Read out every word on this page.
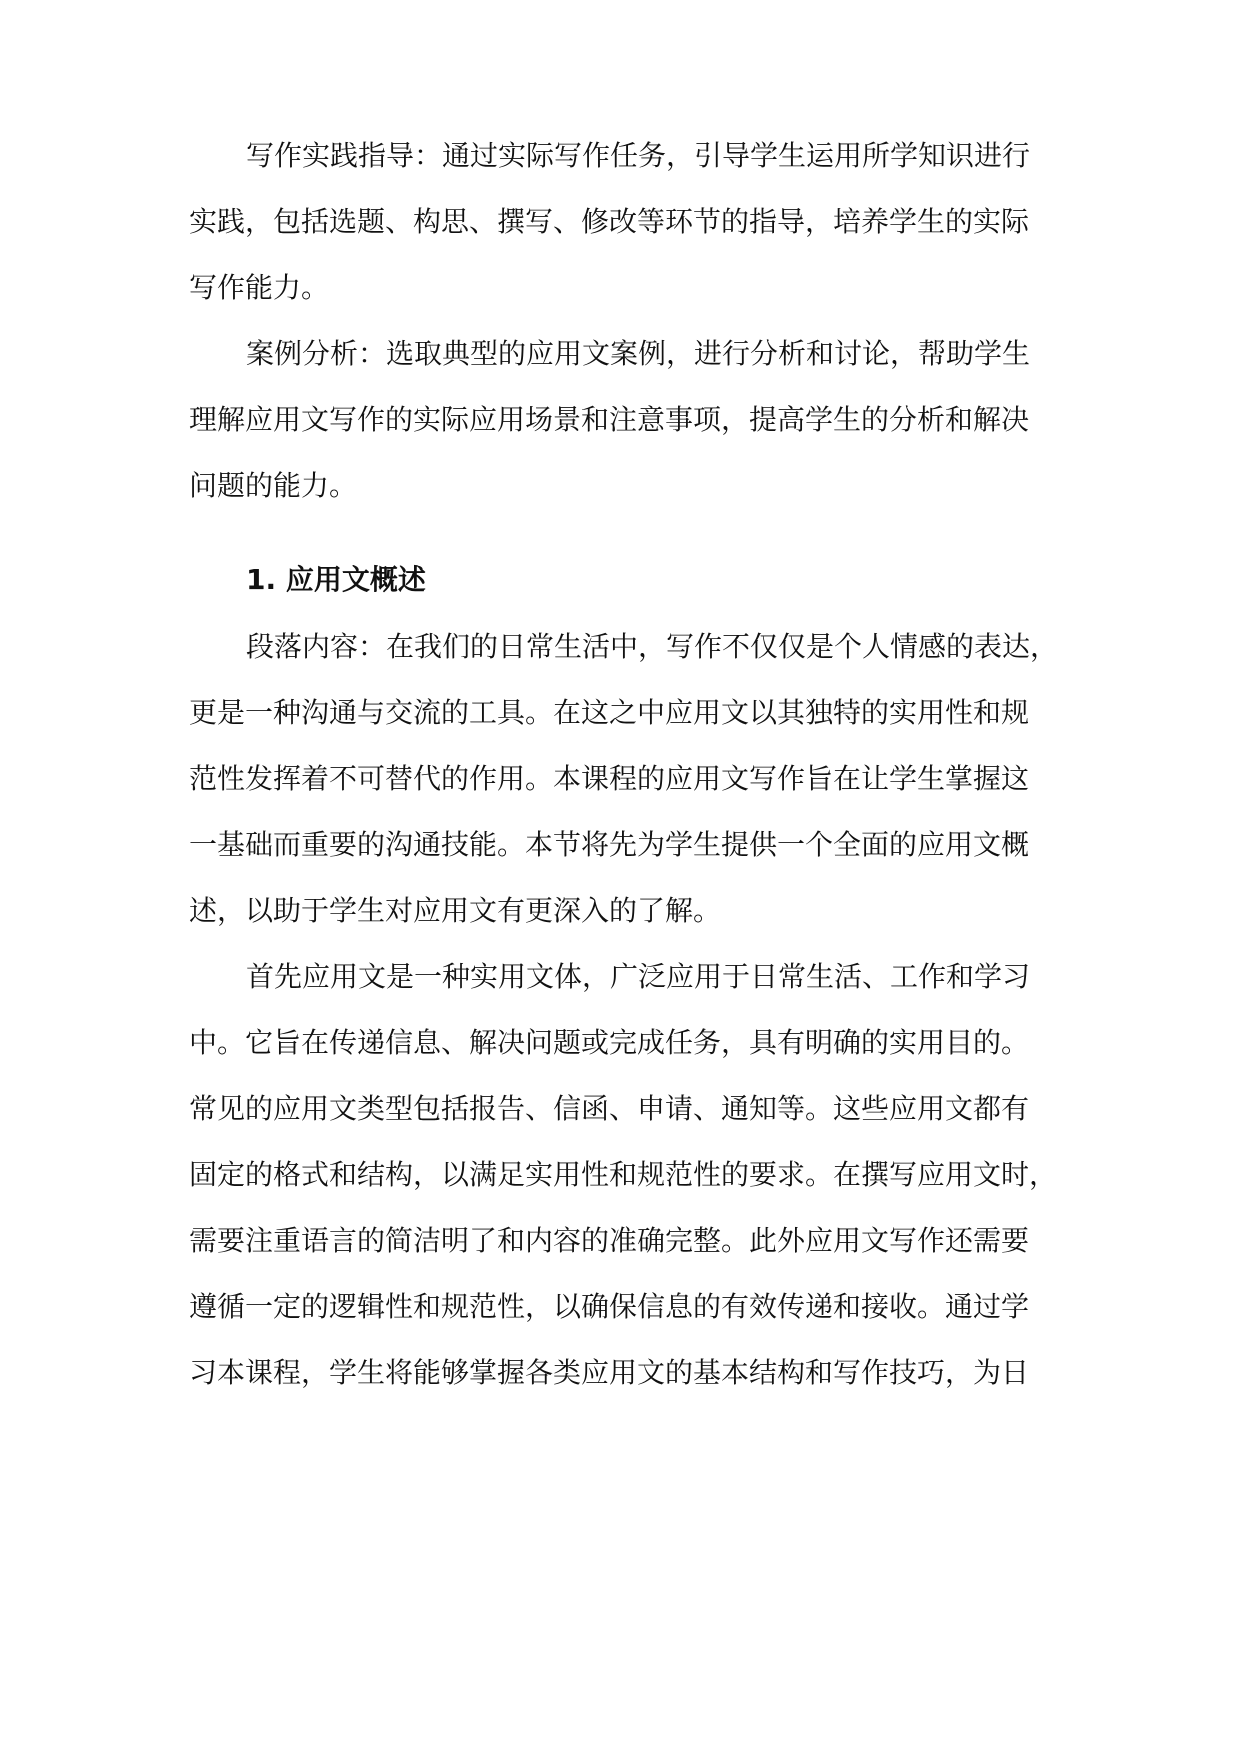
写作实践指导：通过实际写作任务，引导学生运用所学知识进行
实践，包括选题、构思、撰写、修改等环节的指导，培养学生的实际
写作能力。
案例分析：选取典型的应用文案例，进行分析和讨论，帮助学生
理解应用文写作的实际应用场景和注意事项，提高学生的分析和解决
问题的能力。
1. 应用文概述
段落内容：在我们的日常生活中，写作不仅仅是个人情感的表达，
更是一种沟通与交流的工具。在这之中应用文以其独特的实用性和规
范性发挥着不可替代的作用。本课程的应用文写作旨在让学生掌握这
一基础而重要的沟通技能。本节将先为学生提供一个全面的应用文概
述，以助于学生对应用文有更深入的了解。
首先应用文是一种实用文体，广泛应用于日常生活、工作和学习
中。它旨在传递信息、解决问题或完成任务，具有明确的实用目的。
常见的应用文类型包括报告、信函、申请、通知等。这些应用文都有
固定的格式和结构，以满足实用性和规范性的要求。在撰写应用文时，
需要注重语言的简洁明了和内容的准确完整。此外应用文写作还需要
遵循一定的逻辑性和规范性，以确保信息的有效传递和接收。通过学
习本课程，学生将能够掌握各类应用文的基本结构和写作技巧，为日
